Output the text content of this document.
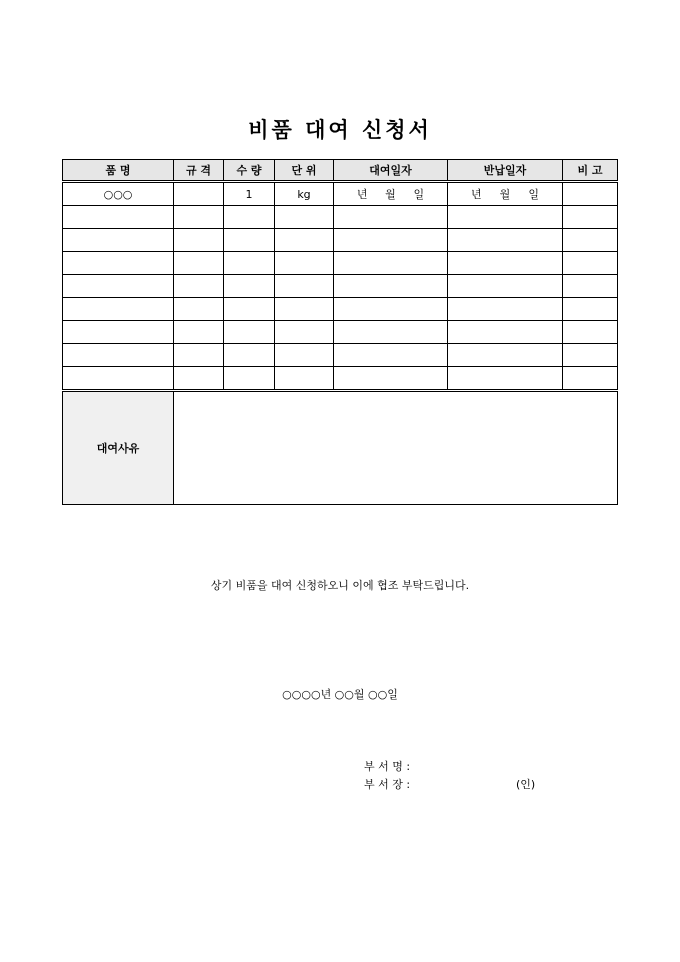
비품 대여 신청서
품 명	규 격	수 량	단 위	대여일자	반납일자	비 고
○○○		1	kg	년 월 일	년 월 일	

대여사유						
상기 비품을 대여 신청하오니 이에 협조 부탁드립니다.
○○○○년 ○○월 ○○일
부 서 명 :
부 서 장 :	(인)
